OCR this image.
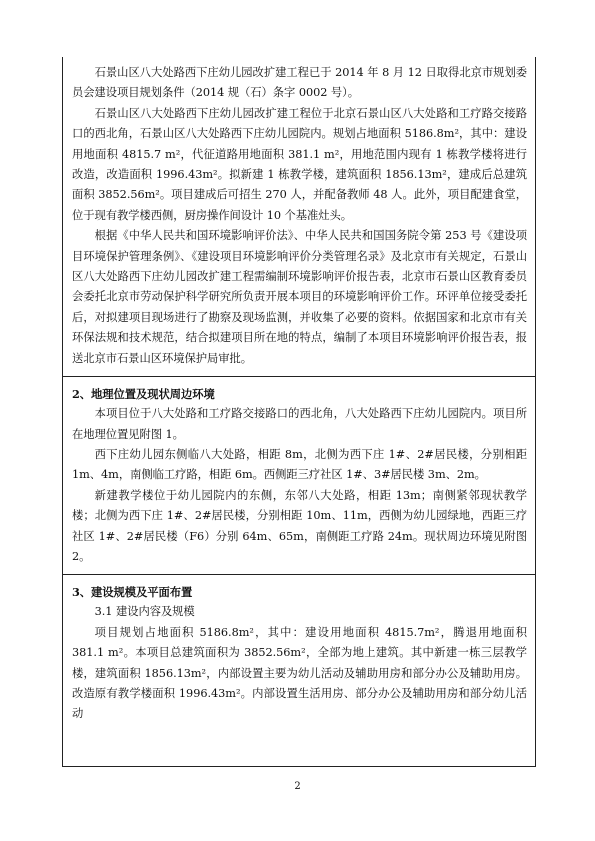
石景山区八大处路西下庄幼儿园改扩建工程已于 2014 年 8 月 12 日取得北京市规划委员会建设项目规划条件（2014 规（石）条字 0002 号）。

石景山区八大处路西下庄幼儿园改扩建工程位于北京石景山区八大处路和工疗路交接路口的西北角，石景山区八大处路西下庄幼儿园院内。规划占地面积 5186.8m²，其中：建设用地面积 4815.7 m²，代征道路用地面积 381.1 m²，用地范围内现有 1 栋教学楼将进行改造，改造面积 1996.43m²。拟新建 1 栋教学楼，建筑面积 1856.13m²，建成后总建筑面积 3852.56m²。项目建成后可招生 270 人，并配备教师 48 人。此外，项目配建食堂，位于现有教学楼西侧，厨房操作间设计 10 个基准灶头。

根据《中华人民共和国环境影响评价法》、中华人民共和国国务院令第 253 号《建设项目环境保护管理条例》、《建设项目环境影响评价分类管理名录》及北京市有关规定，石景山区八大处路西下庄幼儿园改扩建工程需编制环境影响评价报告表，北京市石景山区教育委员会委托北京市劳动保护科学研究所负责开展本项目的环境影响评价工作。环评单位接受委托后，对拟建项目现场进行了勘察及现场监测，并收集了必要的资料。依据国家和北京市有关环保法规和技术规范，结合拟建项目所在地的特点，编制了本项目环境影响评价报告表，报送北京市石景山区环境保护局审批。

2、地理位置及现状周边环境

本项目位于八大处路和工疗路交接路口的西北角，八大处路西下庄幼儿园院内。项目所在地理位置见附图 1。

西下庄幼儿园东侧临八大处路，相距 8m，北侧为西下庄 1#、2#居民楼，分别相距 1m、4m，南侧临工疗路，相距 6m。西侧距三疗社区 1#、3#居民楼 3m、2m。

新建教学楼位于幼儿园院内的东侧，东邻八大处路，相距 13m；南侧紧邻现状教学楼；北侧为西下庄 1#、2#居民楼，分别相距 10m、11m，西侧为幼儿园绿地，西距三疗社区 1#、2#居民楼（F6）分别 64m、65m，南侧距工疗路 24m。现状周边环境见附图 2。

3、建设规模及平面布置

3.1 建设内容及规模

项目规划占地面积 5186.8m²，其中：建设用地面积 4815.7m²，腾退用地面积 381.1 m²。本项目总建筑面积为 3852.56m²，全部为地上建筑。其中新建一栋三层教学楼，建筑面积 1856.13m²，内部设置主要为幼儿活动及辅助用房和部分办公及辅助用房。改造原有教学楼面积 1996.43m²。内部设置生活用房、部分办公及辅助用房和部分幼儿活动

2
